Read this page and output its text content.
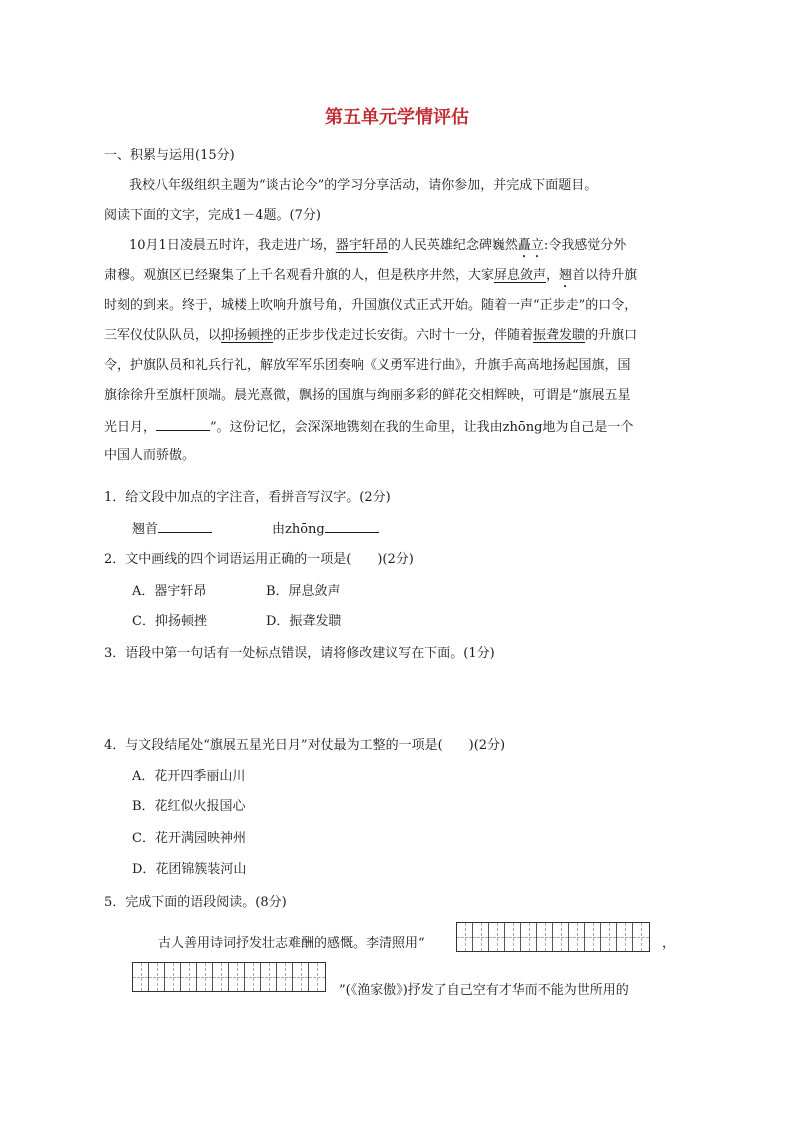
第五单元学情评估
一、积累与运用(15分)
我校八年级组织主题为“谈古论今”的学习分享活动，请你参加，并完成下面题目。
阅读下面的文字，完成1－4题。(7分)
10月1日凌晨五时许，我走进广场，器宇轩昂的人民英雄纪念碑巍然矗立:令我感觉分外
肃穆。观旗区已经聚集了上千名观看升旗的人，但是秩序井然，大家屏息敛声，翘首以待升旗
时刻的到来。终于，城楼上吹响升旗号角，升国旗仪式正式开始。随着一声“正步走”的口令，
三军仪仗队队员，以抑扬顿挫的正步步伐走过长安街。六时十一分，伴随着振聋发聩的升旗口
令，护旗队员和礼兵行礼，解放军军乐团奏响《义勇军进行曲》，升旗手高高地扬起国旗，国
旗徐徐升至旗杆顶端。晨光熹微，飘扬的国旗与绚丽多彩的鲜花交相辉映，可谓是“旗展五星
光日月，	”。这份记忆，会深深地镌刻在我的生命里，让我由zhōng地为自己是一个
中国人而骄傲。
1．给文段中加点的字注音，看拼音写汉字。(2分)
翘首	由zhōng
2．文中画线的四个词语运用正确的一项是(　　)(2分)
A．器宇轩昂	B．屏息敛声
C．抑扬顿挫	D．振聋发聩
3．语段中第一句话有一处标点错误，请将修改建议写在下面。(1分)
4．与文段结尾处“旗展五星光日月”对仗最为工整的一项是(　　)(2分)
A．花开四季丽山川
B．花红似火报国心
C．花开满园映神州
D．花团锦簇装河山
5．完成下面的语段阅读。(8分)
古人善用诗词抒发壮志难酬的感慨。李清照用“	，
”(《渔家傲》)抒发了自己空有才华而不能为世所用的
